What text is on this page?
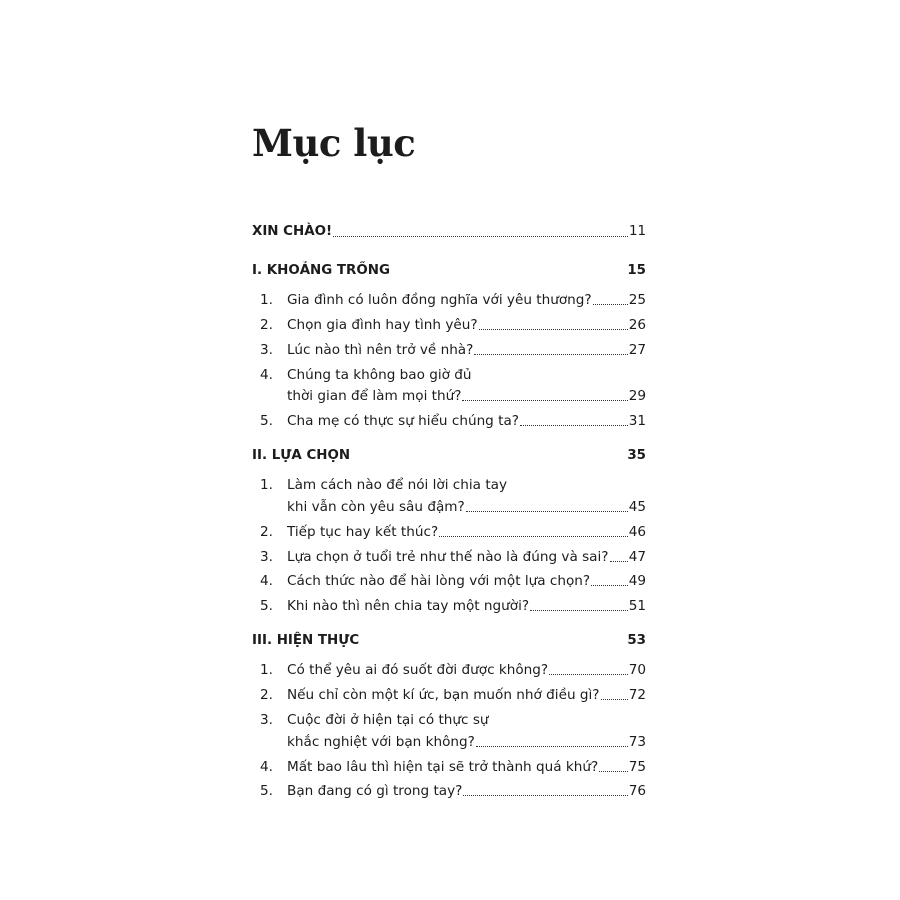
Mục lục
XIN CHÀO!	11
I. KHOẢNG TRỐNG	15
1.	Gia đình có luôn đồng nghĩa với yêu thương?	25
2.	Chọn gia đình hay tình yêu?	26
3.	Lúc nào thì nên trở về nhà?	27
4.	Chúng ta không bao giờ đủ
thời gian để làm mọi thứ?	29
5.	Cha mẹ có thực sự hiểu chúng ta?	31
II. LỰA CHỌN	35
1.	Làm cách nào để nói lời chia tay
khi vẫn còn yêu sâu đậm?	45
2.	Tiếp tục hay kết thúc?	46
3.	Lựa chọn ở tuổi trẻ như thế nào là đúng và sai? 47
4.	Cách thức nào để hài lòng với một lựa chọn?	49
5.	Khi nào thì nên chia tay một người?	51
III. HIỆN THỰC	53
1.	Có thể yêu ai đó suốt đời được không?	70
2.	Nếu chỉ còn một kí ức, bạn muốn nhớ điều gì? 72
3.	Cuộc đời ở hiện tại có thực sự
khắc nghiệt với bạn không?	73
4.	Mất bao lâu thì hiện tại sẽ trở thành quá khứ? 75
5.	Bạn đang có gì trong tay?	76
